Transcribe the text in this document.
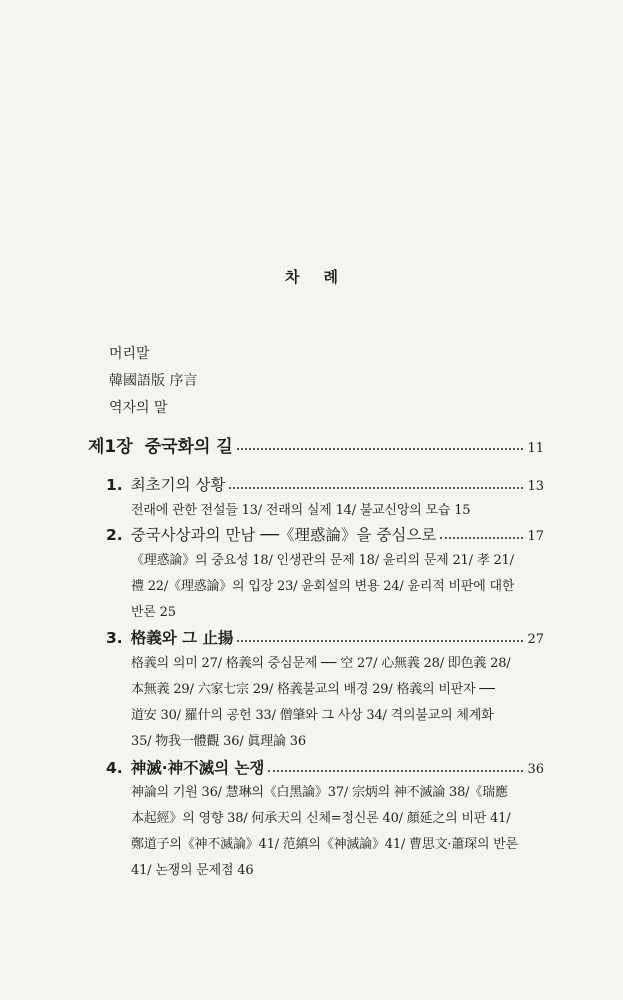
차 례
머리말
韓國語版 序言
역자의 말
제1장 중국화의 길	11
1. 최초기의 상황	13
전래에 관한 전설들 13/ 전래의 실제 14/ 불교신앙의 모습 15
2. 중국사상과의 만남 ──《理惑論》을 중심으로	17
《理惑論》의 중요성 18/ 인생관의 문제 18/ 윤리의 문제 21/ 孝 21/
禮 22/《理惑論》의 입장 23/ 윤회설의 변용 24/ 윤리적 비판에 대한
반론 25
3. 格義와 그 止揚	27
格義의 의미 27/ 格義의 중심문제 ── 空 27/ 心無義 28/ 即色義 28/
本無義 29/ 六家七宗 29/ 格義불교의 배경 29/ 格義의 비판자 ──
道安 30/ 羅什의 공헌 33/ 僧肇와 그 사상 34/ 격의불교의 체계화
35/ 物我一體觀 36/ 眞理論 36
4. 神滅·神不滅의 논쟁	36
神論의 기원 36/ 慧琳의《白黑論》37/ 宗炳의 神不滅論 38/《瑞應
本起經》의 영향 38/ 何承天의 신체=정신론 40/ 顏延之의 비판 41/
鄭道子의《神不滅論》41/ 范縝의《神滅論》41/ 曹思文·蕭琛의 반론
41/ 논쟁의 문제점 46
